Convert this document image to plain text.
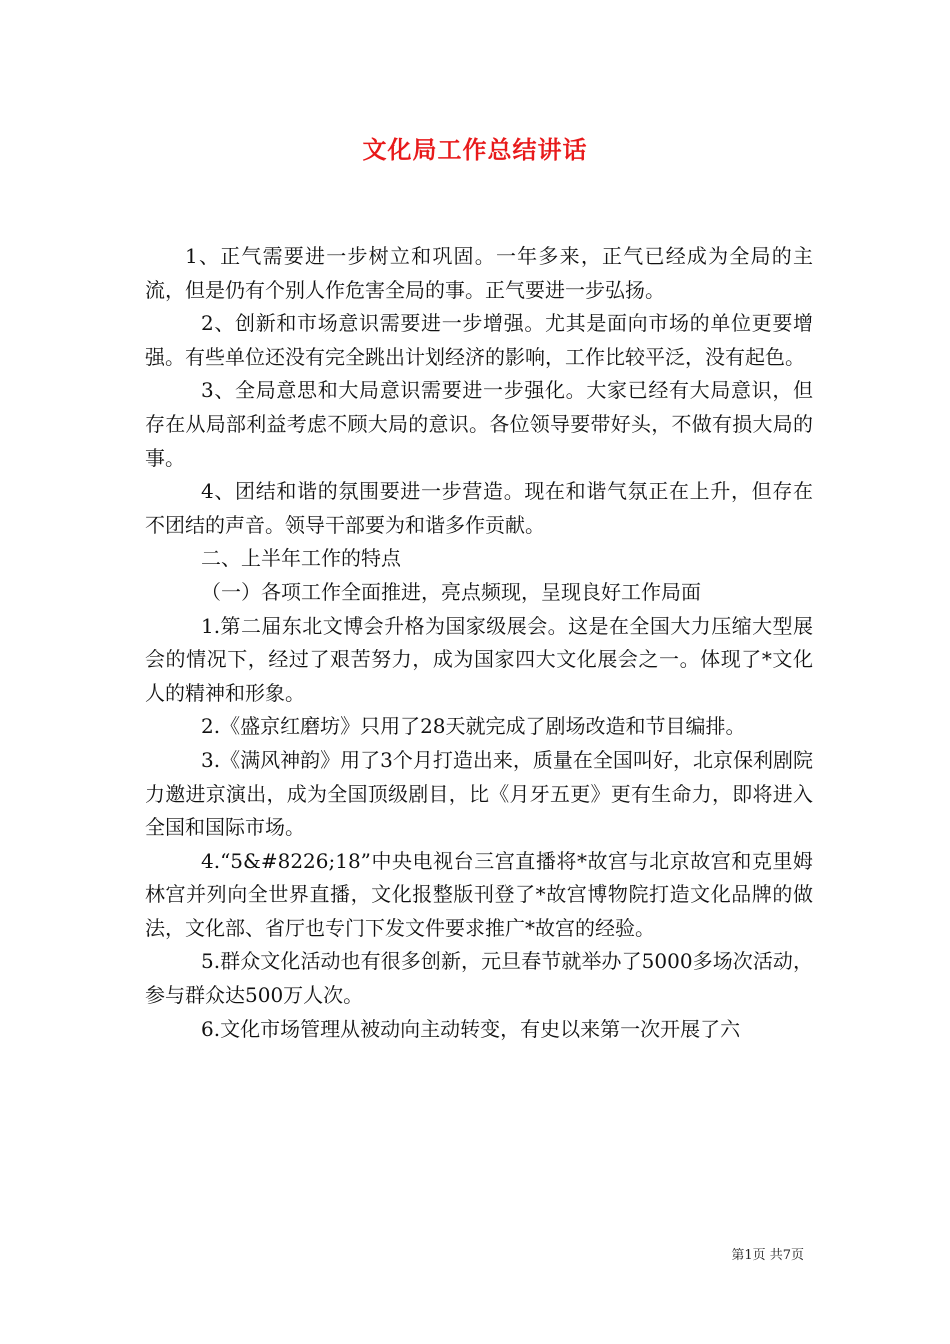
文化局工作总结讲话

1、正气需要进一步树立和巩固。一年多来，正气已经成为全局的主流，但是仍有个别人作危害全局的事。正气要进一步弘扬。

2、创新和市场意识需要进一步增强。尤其是面向市场的单位更要增强。有些单位还没有完全跳出计划经济的影响，工作比较平泛，没有起色。

3、全局意思和大局意识需要进一步强化。大家已经有大局意识，但存在从局部利益考虑不顾大局的意识。各位领导要带好头，不做有损大局的事。

4、团结和谐的氛围要进一步营造。现在和谐气氛正在上升，但存在不团结的声音。领导干部要为和谐多作贡献。

二、上半年工作的特点

（一）各项工作全面推进，亮点频现，呈现良好工作局面

1.第二届东北文博会升格为国家级展会。这是在全国大力压缩大型展会的情况下，经过了艰苦努力，成为国家四大文化展会之一。体现了*文化人的精神和形象。

2.《盛京红磨坊》只用了28天就完成了剧场改造和节目编排。

3.《满风神韵》用了3个月打造出来，质量在全国叫好，北京保利剧院力邀进京演出，成为全国顶级剧目，比《月牙五更》更有生命力，即将进入全国和国际市场。

4.“5&#8226;18”中央电视台三宫直播将*故宫与北京故宫和克里姆林宫并列向全世界直播，文化报整版刊登了*故宫博物院打造文化品牌的做法，文化部、省厅也专门下发文件要求推广*故宫的经验。

5.群众文化活动也有很多创新，元旦春节就举办了5000多场次活动，参与群众达500万人次。

6.文化市场管理从被动向主动转变，有史以来第一次开展了六

第1页 共7页
